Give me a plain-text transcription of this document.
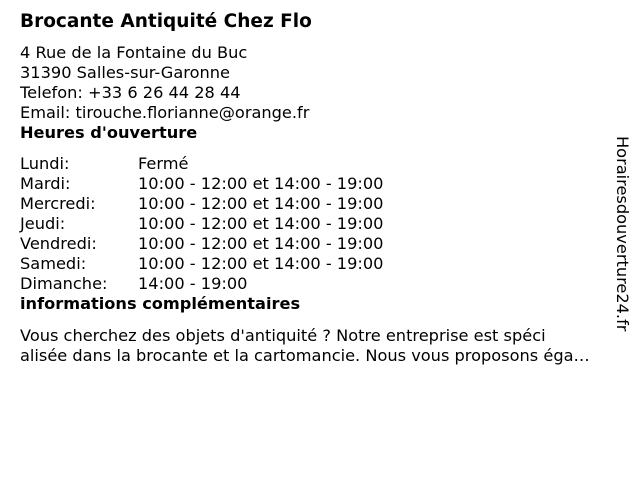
Brocante Antiquité Chez Flo
4 Rue de la Fontaine du Buc
31390 Salles-sur-Garonne
Telefon: +33 6 26 44 28 44
Email: tirouche.florianne@orange.fr
Heures d'ouverture
Lundi:	Fermé
Mardi:	10:00 - 12:00 et 14:00 - 19:00
Mercredi:	10:00 - 12:00 et 14:00 - 19:00
Jeudi:	10:00 - 12:00 et 14:00 - 19:00
Vendredi:	10:00 - 12:00 et 14:00 - 19:00
Samedi:	10:00 - 12:00 et 14:00 - 19:00
Dimanche:	14:00 - 19:00
informations complémentaires
Vous cherchez des objets d'antiquité ? Notre entreprise est spéci
alisée dans la brocante et la cartomancie. Nous vous proposons éga…
Horairesdouverture24.fr
